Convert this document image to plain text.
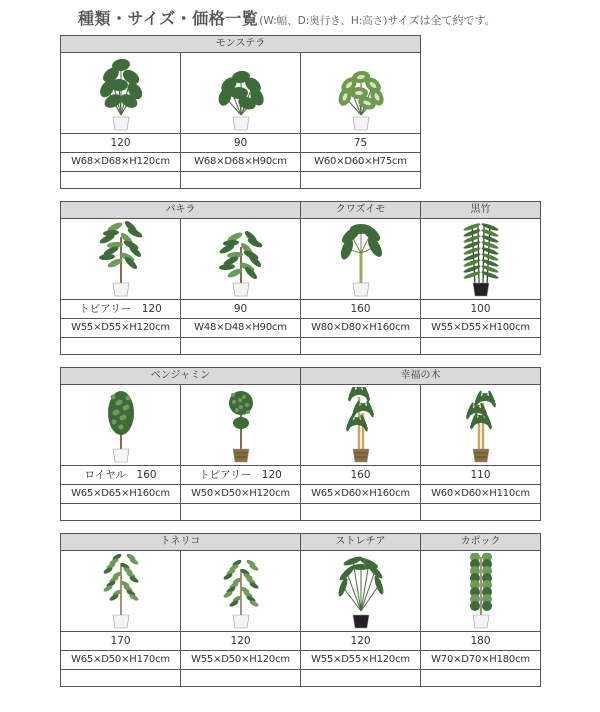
種類・サイズ・価格一覧(W:幅、D:奥行き、H:高さ)サイズは全て約です。
モンステラ		

120	90	75
W68×D68×H120cm	W68×D68×H90cm	W60×D60×H75cm

パキラ		クワズイモ	黒竹

トピアリー　120	90	160	100
W55×D55×H120cm	W48×D48×H90cm	W80×D80×H160cm	W55×D55×H100cm

ベンジャミン		幸福の木	

ロイヤル　160	トピアリー　120	160	110
W65×D65×H160cm	W50×D50×H120cm	W65×D60×H160cm	W60×D60×H110cm

トネリコ		ストレチア	カポック

170	120	120	180
W65×D50×H170cm	W55×D50×H120cm	W55×D55×H120cm	W70×D70×H180cm
